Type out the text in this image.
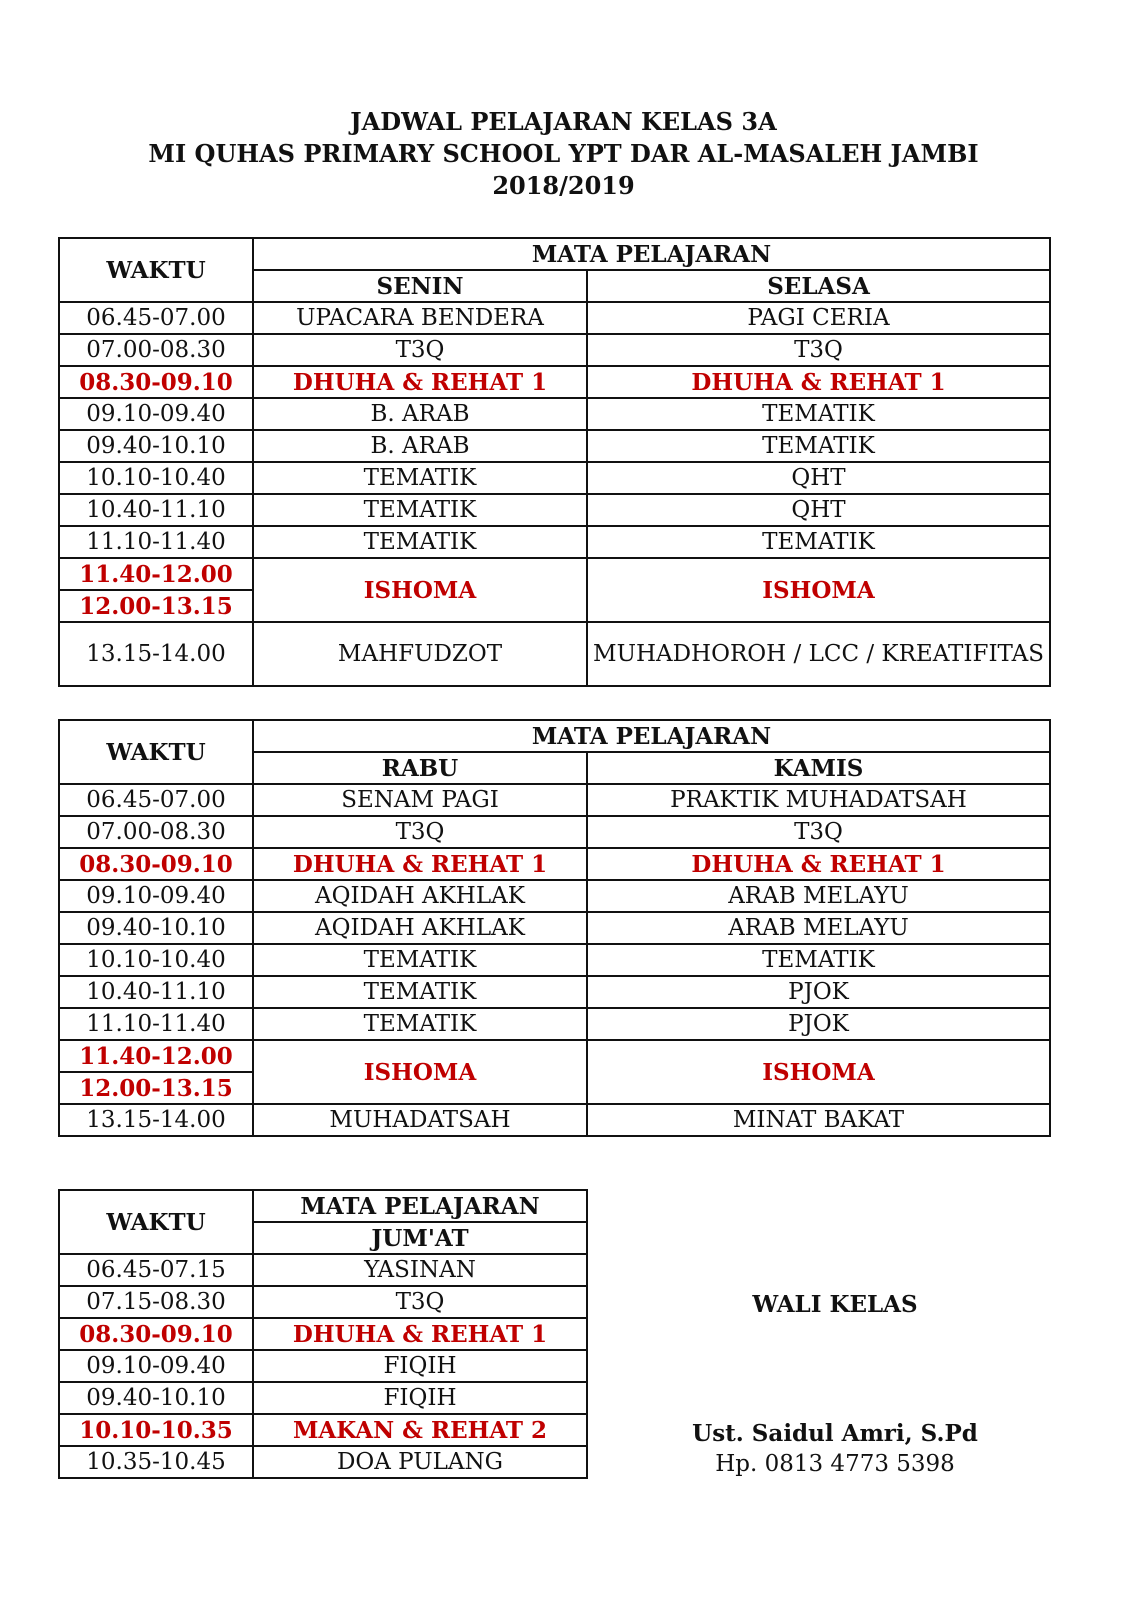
JADWAL PELAJARAN KELAS 3A
MI QUHAS PRIMARY SCHOOL YPT DAR AL-MASALEH JAMBI
2018/2019
WAKTU	MATA PELAJARAN	
	SENIN	SELASA
06.45-07.00	UPACARA BENDERA	PAGI CERIA
07.00-08.30	T3Q	T3Q
08.30-09.10	DHUHA & REHAT 1	DHUHA & REHAT 1
09.10-09.40	B. ARAB	TEMATIK
09.40-10.10	B. ARAB	TEMATIK
10.10-10.40	TEMATIK	QHT
10.40-11.10	TEMATIK	QHT
11.10-11.40	TEMATIK	TEMATIK
11.40-12.00	ISHOMA	ISHOMA
12.00-13.15		
13.15-14.00	MAHFUDZOT	MUHADHOROH / LCC / KREATIFITAS
WAKTU	MATA PELAJARAN	
	RABU	KAMIS
06.45-07.00	SENAM PAGI	PRAKTIK MUHADATSAH
07.00-08.30	T3Q	T3Q
08.30-09.10	DHUHA & REHAT 1	DHUHA & REHAT 1
09.10-09.40	AQIDAH AKHLAK	ARAB MELAYU
09.40-10.10	AQIDAH AKHLAK	ARAB MELAYU
10.10-10.40	TEMATIK	TEMATIK
10.40-11.10	TEMATIK	PJOK
11.10-11.40	TEMATIK	PJOK
11.40-12.00	ISHOMA	ISHOMA
12.00-13.15		
13.15-14.00	MUHADATSAH	MINAT BAKAT
WAKTU	MATA PELAJARAN
	JUM'AT
06.45-07.15	YASINAN
07.15-08.30	T3Q
08.30-09.10	DHUHA & REHAT 1
09.10-09.40	FIQIH
09.40-10.10	FIQIH
10.10-10.35	MAKAN & REHAT 2
10.35-10.45	DOA PULANG
WALI KELAS
Ust. Saidul Amri, S.Pd
Hp. 0813 4773 5398
